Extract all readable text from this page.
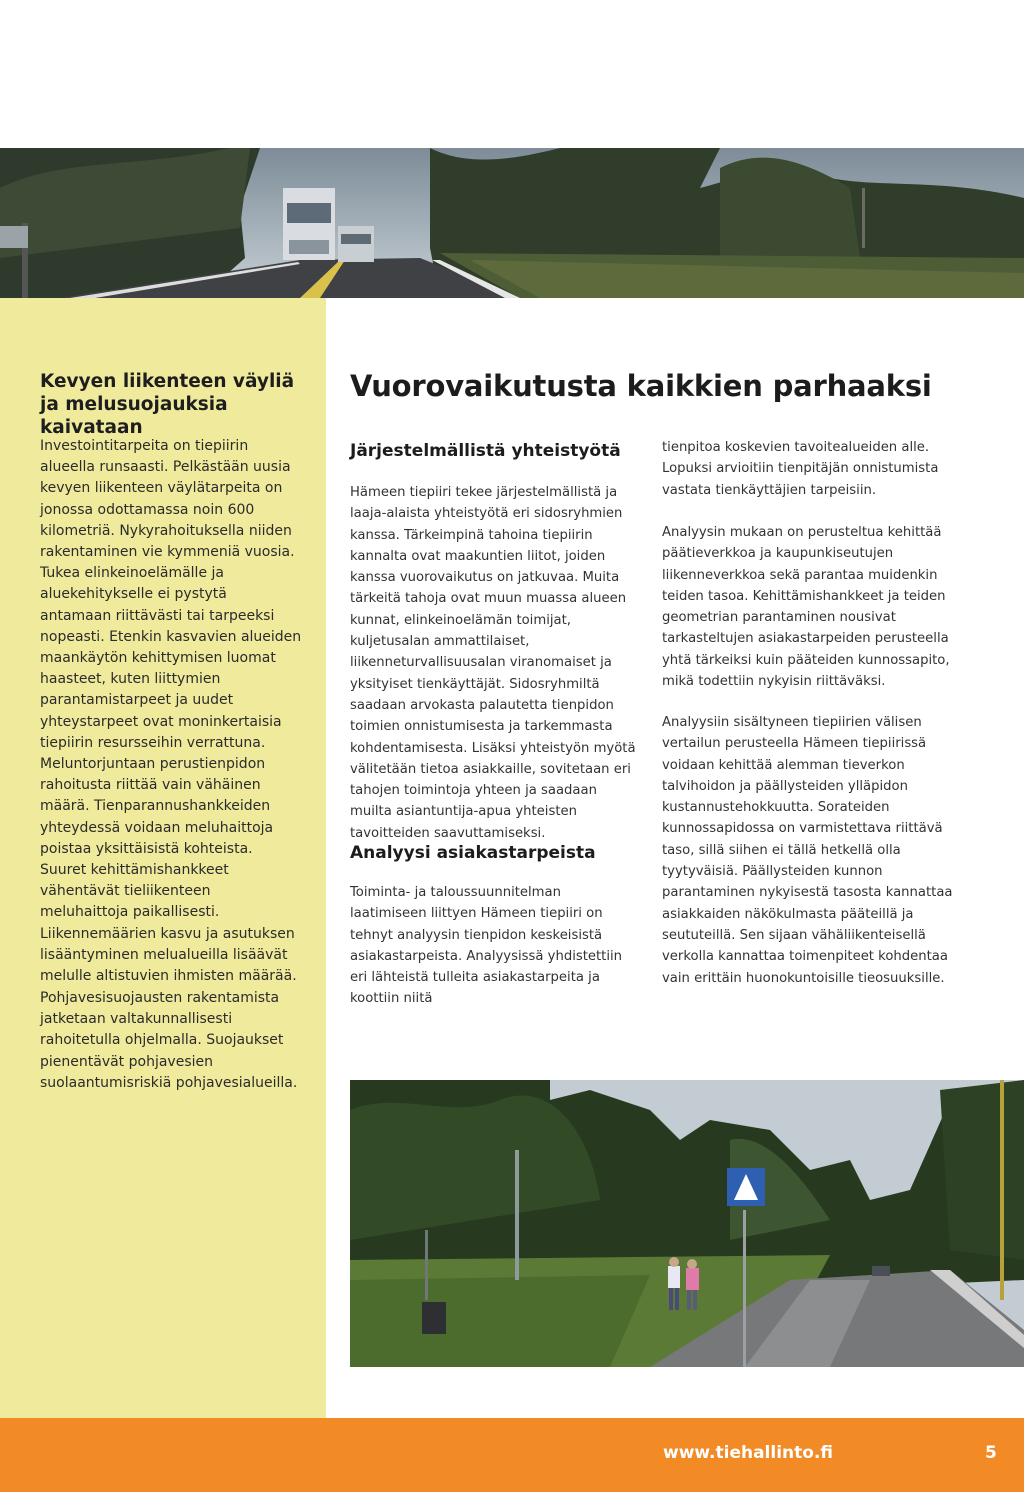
Kevyen liikenteen väyliä ja melusuojauksia kaivataan
Investointitarpeita on tiepiirin alueella runsaasti. Pelkästään uusia kevyen liikenteen väylätarpeita on jonossa odottamassa noin 600 kilometriä. Nykyrahoituksella niiden rakentaminen vie kymmeniä vuosia. Tukea elinkeinoelämälle ja aluekehitykselle ei pystytä antamaan riittävästi tai tarpeeksi nopeasti. Etenkin kasvavien alueiden maankäytön kehittymisen luomat haasteet, kuten liittymien parantamistarpeet ja uudet yhteystarpeet ovat moninkertaisia tiepiirin resursseihin verrattuna.
Meluntorjuntaan perustienpidon rahoitusta riittää vain vähäinen määrä. Tienparannushankkeiden yhteydessä voidaan meluhaittoja poistaa yksittäisistä kohteista. Suuret kehittämishankkeet vähentävät tieliikenteen meluhaittoja paikallisesti. Liikennemäärien kasvu ja asutuksen lisääntyminen melualueilla lisäävät melulle altistuvien ihmisten määrää.
Pohjavesisuojausten rakentamista jatketaan valtakunnallisesti rahoitetulla ohjelmalla. Suojaukset pienentävät pohjavesien suolaantumisriskiä pohjavesialueilla.
Vuorovaikutusta kaikkien parhaaksi
Järjestelmällistä yhteistyötä
Hämeen tiepiiri tekee järjestelmällistä ja laaja-alaista yhteistyötä eri sidosryhmien kanssa. Tärkeimpinä tahoina tiepiirin kannalta ovat maakuntien liitot, joiden kanssa vuorovaikutus on jatkuvaa. Muita tärkeitä tahoja ovat muun muassa alueen kunnat, elinkeinoelämän toimijat, kuljetusalan ammattilaiset, liikenneturvallisuusalan viranomaiset ja yksityiset tienkäyttäjät. Sidosryhmiltä saadaan arvokasta palautetta tienpidon toimien onnistumisesta ja tarkemmasta kohdentamisesta. Lisäksi yhteistyön myötä välitetään tietoa asiakkaille, sovitetaan eri tahojen toimintoja yhteen ja saadaan muilta asiantuntija-apua yhteisten tavoitteiden saavuttamiseksi.
Analyysi asiakastarpeista
Toiminta- ja taloussuunnitelman laatimiseen liittyen Hämeen tiepiiri on tehnyt analyysin tienpidon keskeisistä asiakastarpeista. Analyysissä yhdistettiin eri lähteistä tulleita asiakastarpeita ja koottiin niitä
tienpitoa koskevien tavoitealueiden alle. Lopuksi arvioitiin tienpitäjän onnistumista vastata tienkäyttäjien tarpeisiin.
Analyysin mukaan on perusteltua kehittää päätieverkkoa ja kaupunkiseutujen liikenneverkkoa sekä parantaa muidenkin teiden tasoa. Kehittämishankkeet ja teiden geometrian parantaminen nousivat tarkasteltujen asiakastarpeiden perusteella yhtä tärkeiksi kuin pääteiden kunnossapito, mikä todettiin nykyisin riittäväksi.
Analyysiin sisältyneen tiepiirien välisen vertailun perusteella Hämeen tiepiirissä voidaan kehittää alemman tieverkon talvihoidon ja päällysteiden ylläpidon kustannustehokkuutta. Sorateiden kunnossapidossa on varmistettava riittävä taso, sillä siihen ei tällä hetkellä olla tyytyväisiä. Päällysteiden kunnon parantaminen nykyisestä tasosta kannattaa asiakkaiden näkökulmasta pääteillä ja seututeillä. Sen sijaan vähäliikenteisellä verkolla kannattaa toimenpiteet kohdentaa vain erittäin huonokuntoisille tieosuuksille.
www.tiehallinto.fi	5
